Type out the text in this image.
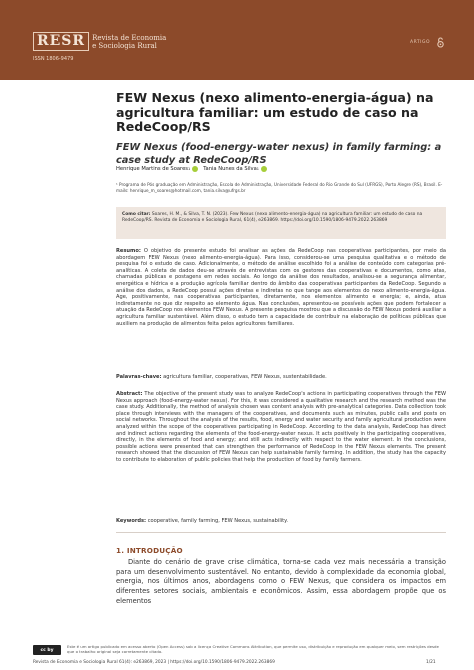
RESR	Revista de Economia
e Sociologia Rural
ISSN 1806-9479
ARTIGO
FEW Nexus (nexo alimento-energia-água) na agricultura familiar: um estudo de caso na RedeCoop/RS
FEW Nexus (food-energy-water nexus) in family farming: a case study at RedeCoop/RS
Henrique Martins de Soares 1	Tania Nunes da Silva 1

¹ Programa de Pós graduação em Administração, Escola de Administração, Universidade Federal do Rio Grande do Sul (UFRGS), Porto Alegre (RS), Brasil. E-mails: henrique_m_soares@hotmail.com, tania.silva@ufrgs.br

Como citar: Soares, H. M., & Silva, T. N. (2023). Few Nexus (nexo alimento-energia-água) na agricultura familiar: um estudo de caso na RedeCoop/RS. Revista de Economia e Sociologia Rural, 61(4), e263869. https://doi.org/10.1590/1806-9479.2022.263869

Resumo: O objetivo do presente estudo foi analisar as ações da RedeCoop nas cooperativas participantes, por meio da abordagem FEW Nexus (nexo alimento-energia-água). Para isso, considerou-se uma pesquisa qualitativa e o método de pesquisa foi o estudo de caso. Adicionalmente, o método de análise escolhido foi a análise de conteúdo com categorias pré-analíticas. A coleta de dados deu-se através de entrevistas com os gestores das cooperativas e documentos, como atas, chamadas públicas e postagens em redes sociais. Ao longo da análise dos resultados, analisou-se a segurança alimentar, energética e hídrica e a produção agrícola familiar dentro do âmbito das cooperativas participantes da RedeCoop. Segundo a análise dos dados, a RedeCoop possui ações diretas e indiretas no que tange aos elementos do nexo alimento-energia-água. Age, positivamente, nas cooperativas participantes, diretamente, nos elementos alimento e energia; e, ainda, atua indiretamente no que diz respeito ao elemento água. Nas conclusões, apresentou-se possíveis ações que podem fortalecer a atuação da RedeCoop nos elementos FEW Nexus. A presente pesquisa mostrou que a discussão do FEW Nexus poderá auxiliar a agricultura familiar sustentável. Além disso, o estudo tem a capacidade de contribuir na elaboração de políticas públicas que auxiliem na produção de alimentos feita pelos agricultores familiares.

Palavras-chave: agricultura familiar, cooperativas, FEW Nexus, sustentabilidade.

Abstract: The objective of the present study was to analyze RedeCoop's actions in participating cooperatives through the FEW Nexus approach (food-energy-water nexus). For this, it was considered a qualitative research and the research method was the case study. Additionally, the method of analysis chosen was content analysis with pre-analytical categories. Data collection took place through interviews with the managers of the cooperatives, and documents such as minutes, public calls and posts on social networks. Throughout the analysis of the results, food, energy and water security and family agricultural production were analyzed within the scope of the cooperatives participating in RedeCoop. According to the data analysis, RedeCoop has direct and indirect actions regarding the elements of the food-energy-water nexus. It acts positively in the participating cooperatives, directly, in the elements of food and energy; and still acts indirectly with respect to the water element. In the conclusions, possible actions were presented that can strengthen the performance of RedeCoop in the FEW Nexus elements. The present research showed that the discussion of FEW Nexus can help sustainable family farming. In addition, the study has the capacity to contribute to elaboration of public policies that help the production of food by family farmers.

Keywords: cooperative, family farming, FEW Nexus, sustainability.

1. INTRODUÇÃO

Diante do cenário de grave crise climática, torna-se cada vez mais necessária a transição para um desenvolvimento sustentável. No entanto, devido à complexidade da economia global, energia, nos últimos anos, abordagens como o FEW Nexus, que considera os impactos em diferentes setores sociais, ambientais e econômicos. Assim, essa abordagem propõe que os elementos

cc by

Este é um artigo publicado em acesso aberto (Open Access) sob a licença Creative Commons Attribution, que permite uso, distribuição e reprodução em qualquer meio, sem restrições desde que o trabalho original seja corretamente citado.

Revista de Economia e Sociologia Rural 61(4): e263869, 2023 | https://doi.org/10.1590/1806-9479.2022.263869	1/21
